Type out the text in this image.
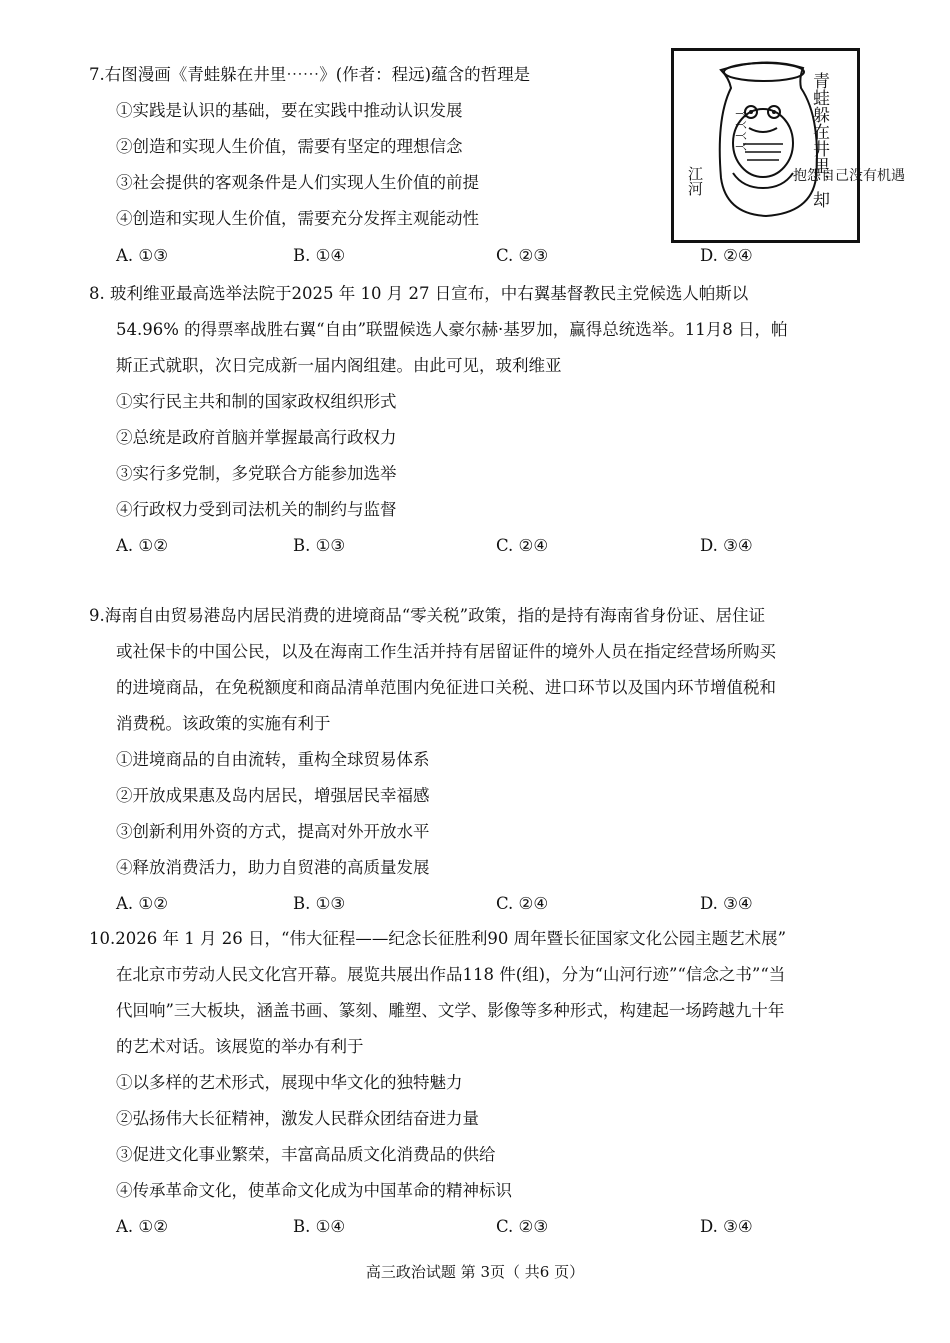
7.右图漫画《青蛙躲在井里⋯⋯》(作者：程远)蕴含的哲理是
①实践是认识的基础，要在实践中推动认识发展
②创造和实现人生价值，需要有坚定的理想信念
③社会提供的客观条件是人们实现人生价值的前提
④创造和实现人生价值，需要充分发挥主观能动性
A. ①③	B. ①④	C. ②③	D. ②④
丫丫丫丫	青蛙躲在井里，却
抱怨自己没有机遇
江河
8. 玻利维亚最高选举法院于2025 年 10 月 27 日宣布，中右翼基督教民主党候选人帕斯以
54.96% 的得票率战胜右翼“自由”联盟候选人豪尔赫·基罗加，赢得总统选举。11月8 日，帕
斯正式就职，次日完成新一届内阁组建。由此可见，玻利维亚
①实行民主共和制的国家政权组织形式
②总统是政府首脑并掌握最高行政权力
③实行多党制，多党联合方能参加选举
④行政权力受到司法机关的制约与监督
A. ①②	B. ①③	C. ②④	D. ③④
9.海南自由贸易港岛内居民消费的进境商品“零关税”政策，指的是持有海南省身份证、居住证
或社保卡的中国公民，以及在海南工作生活并持有居留证件的境外人员在指定经营场所购买
的进境商品，在免税额度和商品清单范围内免征进口关税、进口环节以及国内环节增值税和
消费税。该政策的实施有利于
①进境商品的自由流转，重构全球贸易体系
②开放成果惠及岛内居民，增强居民幸福感
③创新利用外资的方式，提高对外开放水平
④释放消费活力，助力自贸港的高质量发展
A. ①②	B. ①③	C. ②④	D. ③④
10.2026 年 1 月 26 日，“伟大征程——纪念长征胜利90 周年暨长征国家文化公园主题艺术展”
在北京市劳动人民文化宫开幕。展览共展出作品118 件(组)，分为“山河行迹”“信念之书”“当
代回响”三大板块，涵盖书画、篆刻、雕塑、文学、影像等多种形式，构建起一场跨越九十年
的艺术对话。该展览的举办有利于
①以多样的艺术形式，展现中华文化的独特魅力
②弘扬伟大长征精神，激发人民群众团结奋进力量
③促进文化事业繁荣，丰富高品质文化消费品的供给
④传承革命文化，使革命文化成为中国革命的精神标识
A. ①②	B. ①④	C. ②③	D. ③④
高三政治试题 第 3页（ 共6 页）
